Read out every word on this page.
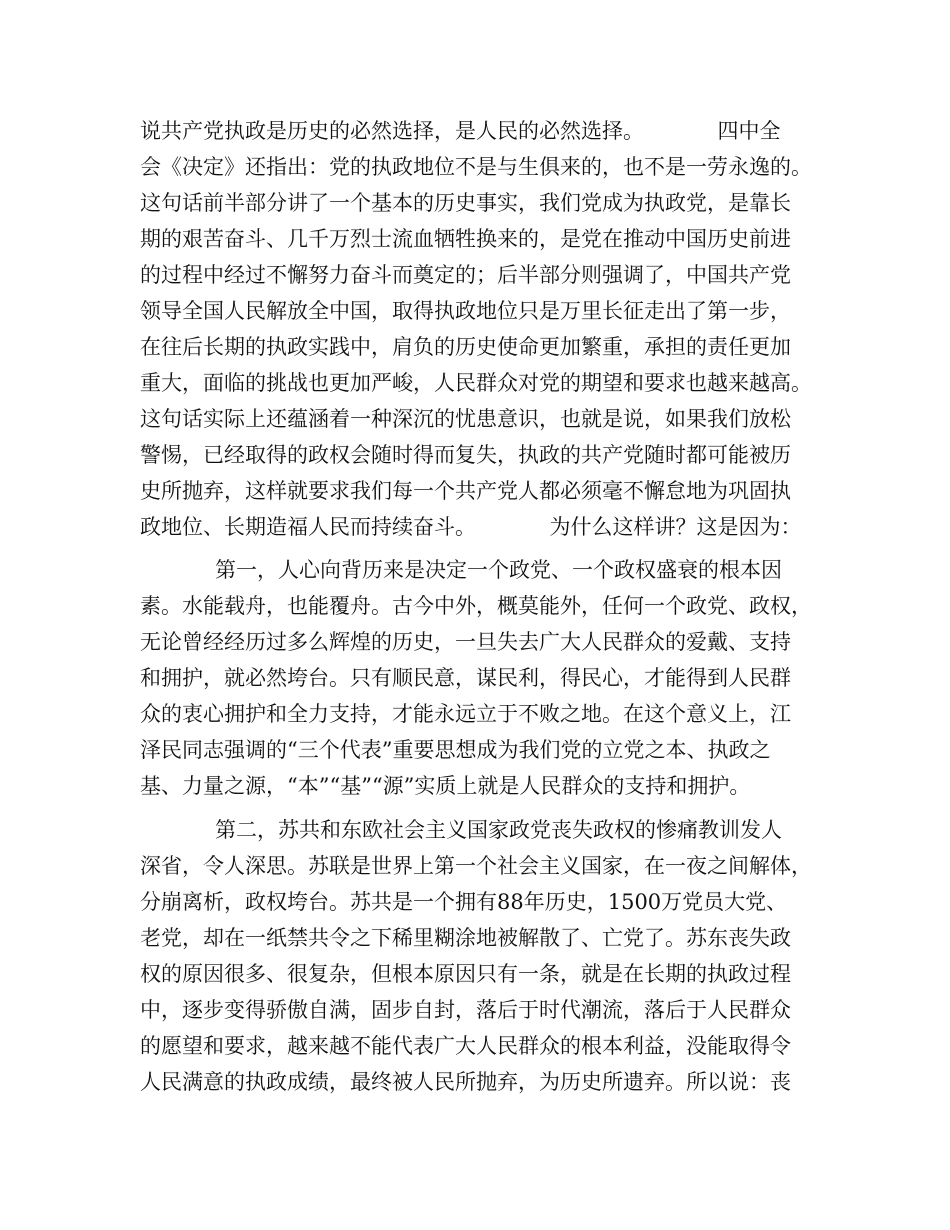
说共产党执政是历史的必然选择，是人民的必然选择。　　　　四中全
会《决定》还指出：党的执政地位不是与生俱来的，也不是一劳永逸的。
这句话前半部分讲了一个基本的历史事实，我们党成为执政党，是靠长
期的艰苦奋斗、几千万烈士流血牺牲换来的，是党在推动中国历史前进
的过程中经过不懈努力奋斗而奠定的；后半部分则强调了，中国共产党
领导全国人民解放全中国，取得执政地位只是万里长征走出了第一步，
在往后长期的执政实践中，肩负的历史使命更加繁重，承担的责任更加
重大，面临的挑战也更加严峻，人民群众对党的期望和要求也越来越高。
这句话实际上还蕴涵着一种深沉的忧患意识，也就是说，如果我们放松
警惕，已经取得的政权会随时得而复失，执政的共产党随时都可能被历
史所抛弃，这样就要求我们每一个共产党人都必须毫不懈怠地为巩固执
政地位、长期造福人民而持续奋斗。　　　　为什么这样讲？这是因为：
第一，人心向背历来是决定一个政党、一个政权盛衰的根本因
素。水能载舟，也能覆舟。古今中外，概莫能外，任何一个政党、政权，
无论曾经经历过多么辉煌的历史，一旦失去广大人民群众的爱戴、支持
和拥护，就必然垮台。只有顺民意，谋民利，得民心，才能得到人民群
众的衷心拥护和全力支持，才能永远立于不败之地。在这个意义上，江
泽民同志强调的“三个代表”重要思想成为我们党的立党之本、执政之
基、力量之源，“本”“基”“源”实质上就是人民群众的支持和拥护。
第二，苏共和东欧社会主义国家政党丧失政权的惨痛教训发人
深省，令人深思。苏联是世界上第一个社会主义国家，在一夜之间解体，
分崩离析，政权垮台。苏共是一个拥有88年历史，1500万党员大党、
老党，却在一纸禁共令之下稀里糊涂地被解散了、亡党了。苏东丧失政
权的原因很多、很复杂，但根本原因只有一条，就是在长期的执政过程
中，逐步变得骄傲自满，固步自封，落后于时代潮流，落后于人民群众
的愿望和要求，越来越不能代表广大人民群众的根本利益，没能取得令
人民满意的执政成绩，最终被人民所抛弃，为历史所遗弃。所以说：丧
